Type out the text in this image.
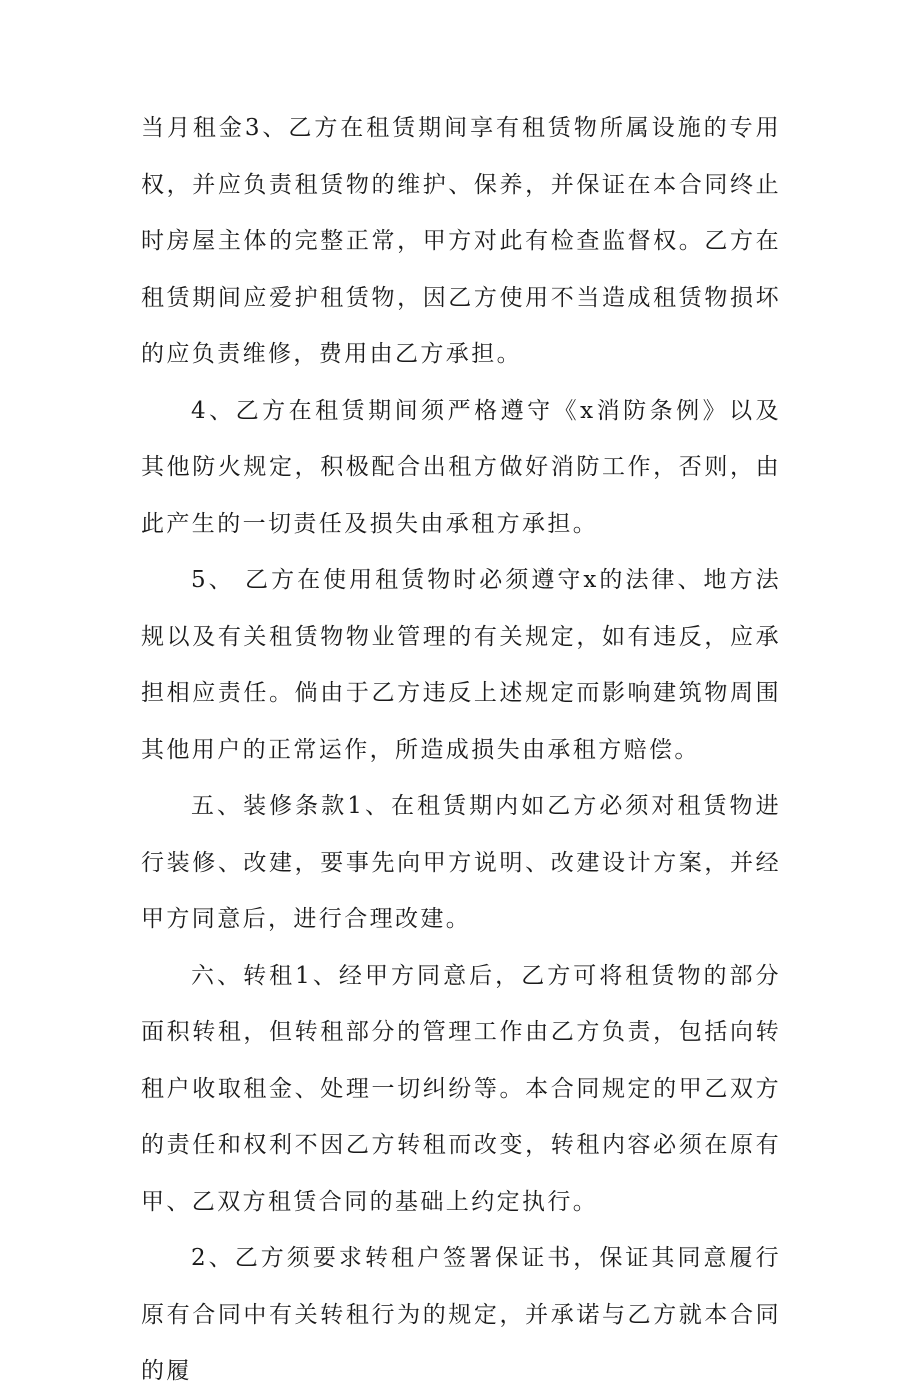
当月租金3、乙方在租赁期间享有租赁物所属设施的专用权，并应负责租赁物的维护、保养，并保证在本合同终止时房屋主体的完整正常，甲方对此有检查监督权。乙方在租赁期间应爱护租赁物，因乙方使用不当造成租赁物损坏的应负责维修，费用由乙方承担。

4、乙方在租赁期间须严格遵守《x消防条例》以及其他防火规定，积极配合出租方做好消防工作，否则，由此产生的一切责任及损失由承租方承担。

5、 乙方在使用租赁物时必须遵守x的法律、地方法规以及有关租赁物物业管理的有关规定，如有违反，应承担相应责任。倘由于乙方违反上述规定而影响建筑物周围其他用户的正常运作，所造成损失由承租方赔偿。

五、装修条款1、在租赁期内如乙方必须对租赁物进行装修、改建，要事先向甲方说明、改建设计方案，并经甲方同意后，进行合理改建。

六、转租1、经甲方同意后，乙方可将租赁物的部分面积转租，但转租部分的管理工作由乙方负责，包括向转租户收取租金、处理一切纠纷等。本合同规定的甲乙双方的责任和权利不因乙方转租而改变，转租内容必须在原有甲、乙双方租赁合同的基础上约定执行。

2、乙方须要求转租户签署保证书，保证其同意履行原有合同中有关转租行为的规定，并承诺与乙方就本合同的履
